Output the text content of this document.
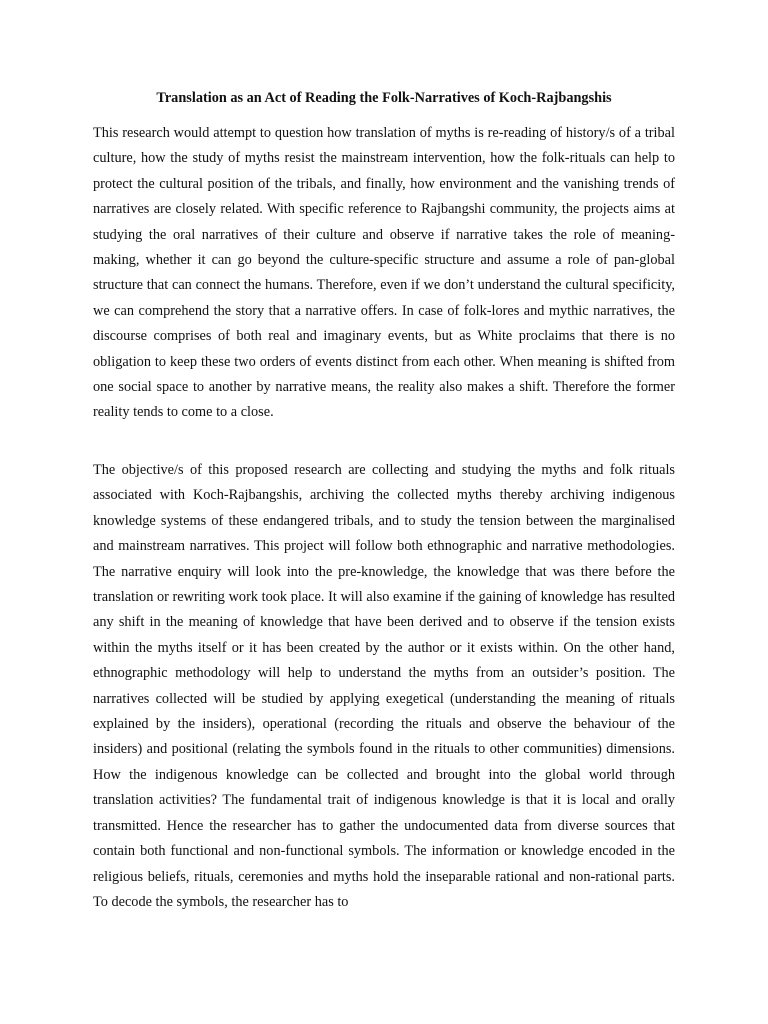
Translation as an Act of Reading the Folk-Narratives of Koch-Rajbangshis

This research would attempt to question how translation of myths is re-reading of history/s of a tribal culture, how the study of myths resist the mainstream intervention, how the folk-rituals can help to protect the cultural position of the tribals, and finally, how environment and the vanishing trends of narratives are closely related. With specific reference to Rajbangshi community, the projects aims at studying the oral narratives of their culture and observe if narrative takes the role of meaning-making, whether it can go beyond the culture-specific structure and assume a role of pan-global structure that can connect the humans. Therefore, even if we don’t understand the cultural specificity, we can comprehend the story that a narrative offers. In case of folk-lores and mythic narratives, the discourse comprises of both real and imaginary events, but as White proclaims that there is no obligation to keep these two orders of events distinct from each other. When meaning is shifted from one social space to another by narrative means, the reality also makes a shift. Therefore the former reality tends to come to a close.

The objective/s of this proposed research are collecting and studying the myths and folk rituals associated with Koch-Rajbangshis, archiving the collected myths thereby archiving indigenous knowledge systems of these endangered tribals, and to study the tension between the marginalised and mainstream narratives. This project will follow both ethnographic and narrative methodologies. The narrative enquiry will look into the pre-knowledge, the knowledge that was there before the translation or rewriting work took place. It will also examine if the gaining of knowledge has resulted any shift in the meaning of knowledge that have been derived and to observe if the tension exists within the myths itself or it has been created by the author or it exists within. On the other hand, ethnographic methodology will help to understand the myths from an outsider’s position. The narratives collected will be studied by applying exegetical (understanding the meaning of rituals explained by the insiders), operational (recording the rituals and observe the behaviour of the insiders) and positional (relating the symbols found in the rituals to other communities) dimensions. How the indigenous knowledge can be collected and brought into the global world through translation activities? The fundamental trait of indigenous knowledge is that it is local and orally transmitted. Hence the researcher has to gather the undocumented data from diverse sources that contain both functional and non-functional symbols. The information or knowledge encoded in the religious beliefs, rituals, ceremonies and myths hold the inseparable rational and non-rational parts. To decode the symbols, the researcher has to
